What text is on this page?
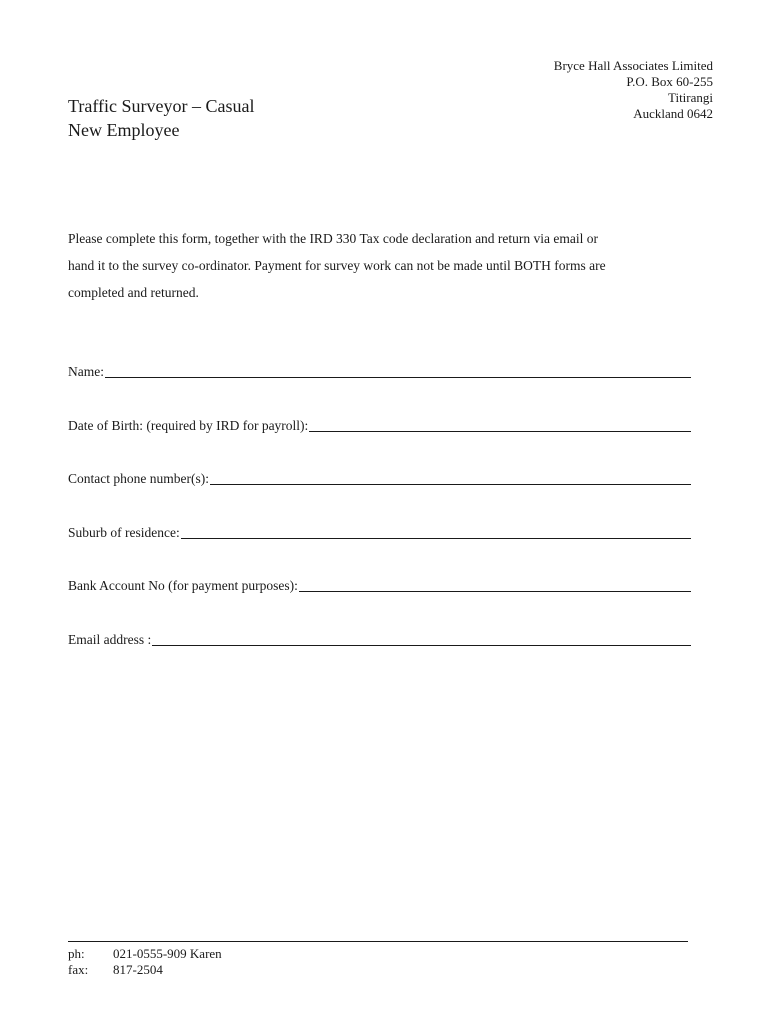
Bryce Hall Associates Limited
P.O. Box 60-255
Titirangi
Auckland 0642
Traffic Surveyor – Casual
New Employee
Please complete this form, together with the IRD 330 Tax code declaration and return via email or
hand it to the survey co-ordinator. Payment for survey work can not be made until BOTH forms are
completed and returned.
Name:
Date of Birth: (required by IRD for payroll):
Contact phone number(s):
Suburb of residence:
Bank Account No (for payment purposes):
Email address :
ph:	021-0555-909 Karen
fax:	817-2504
